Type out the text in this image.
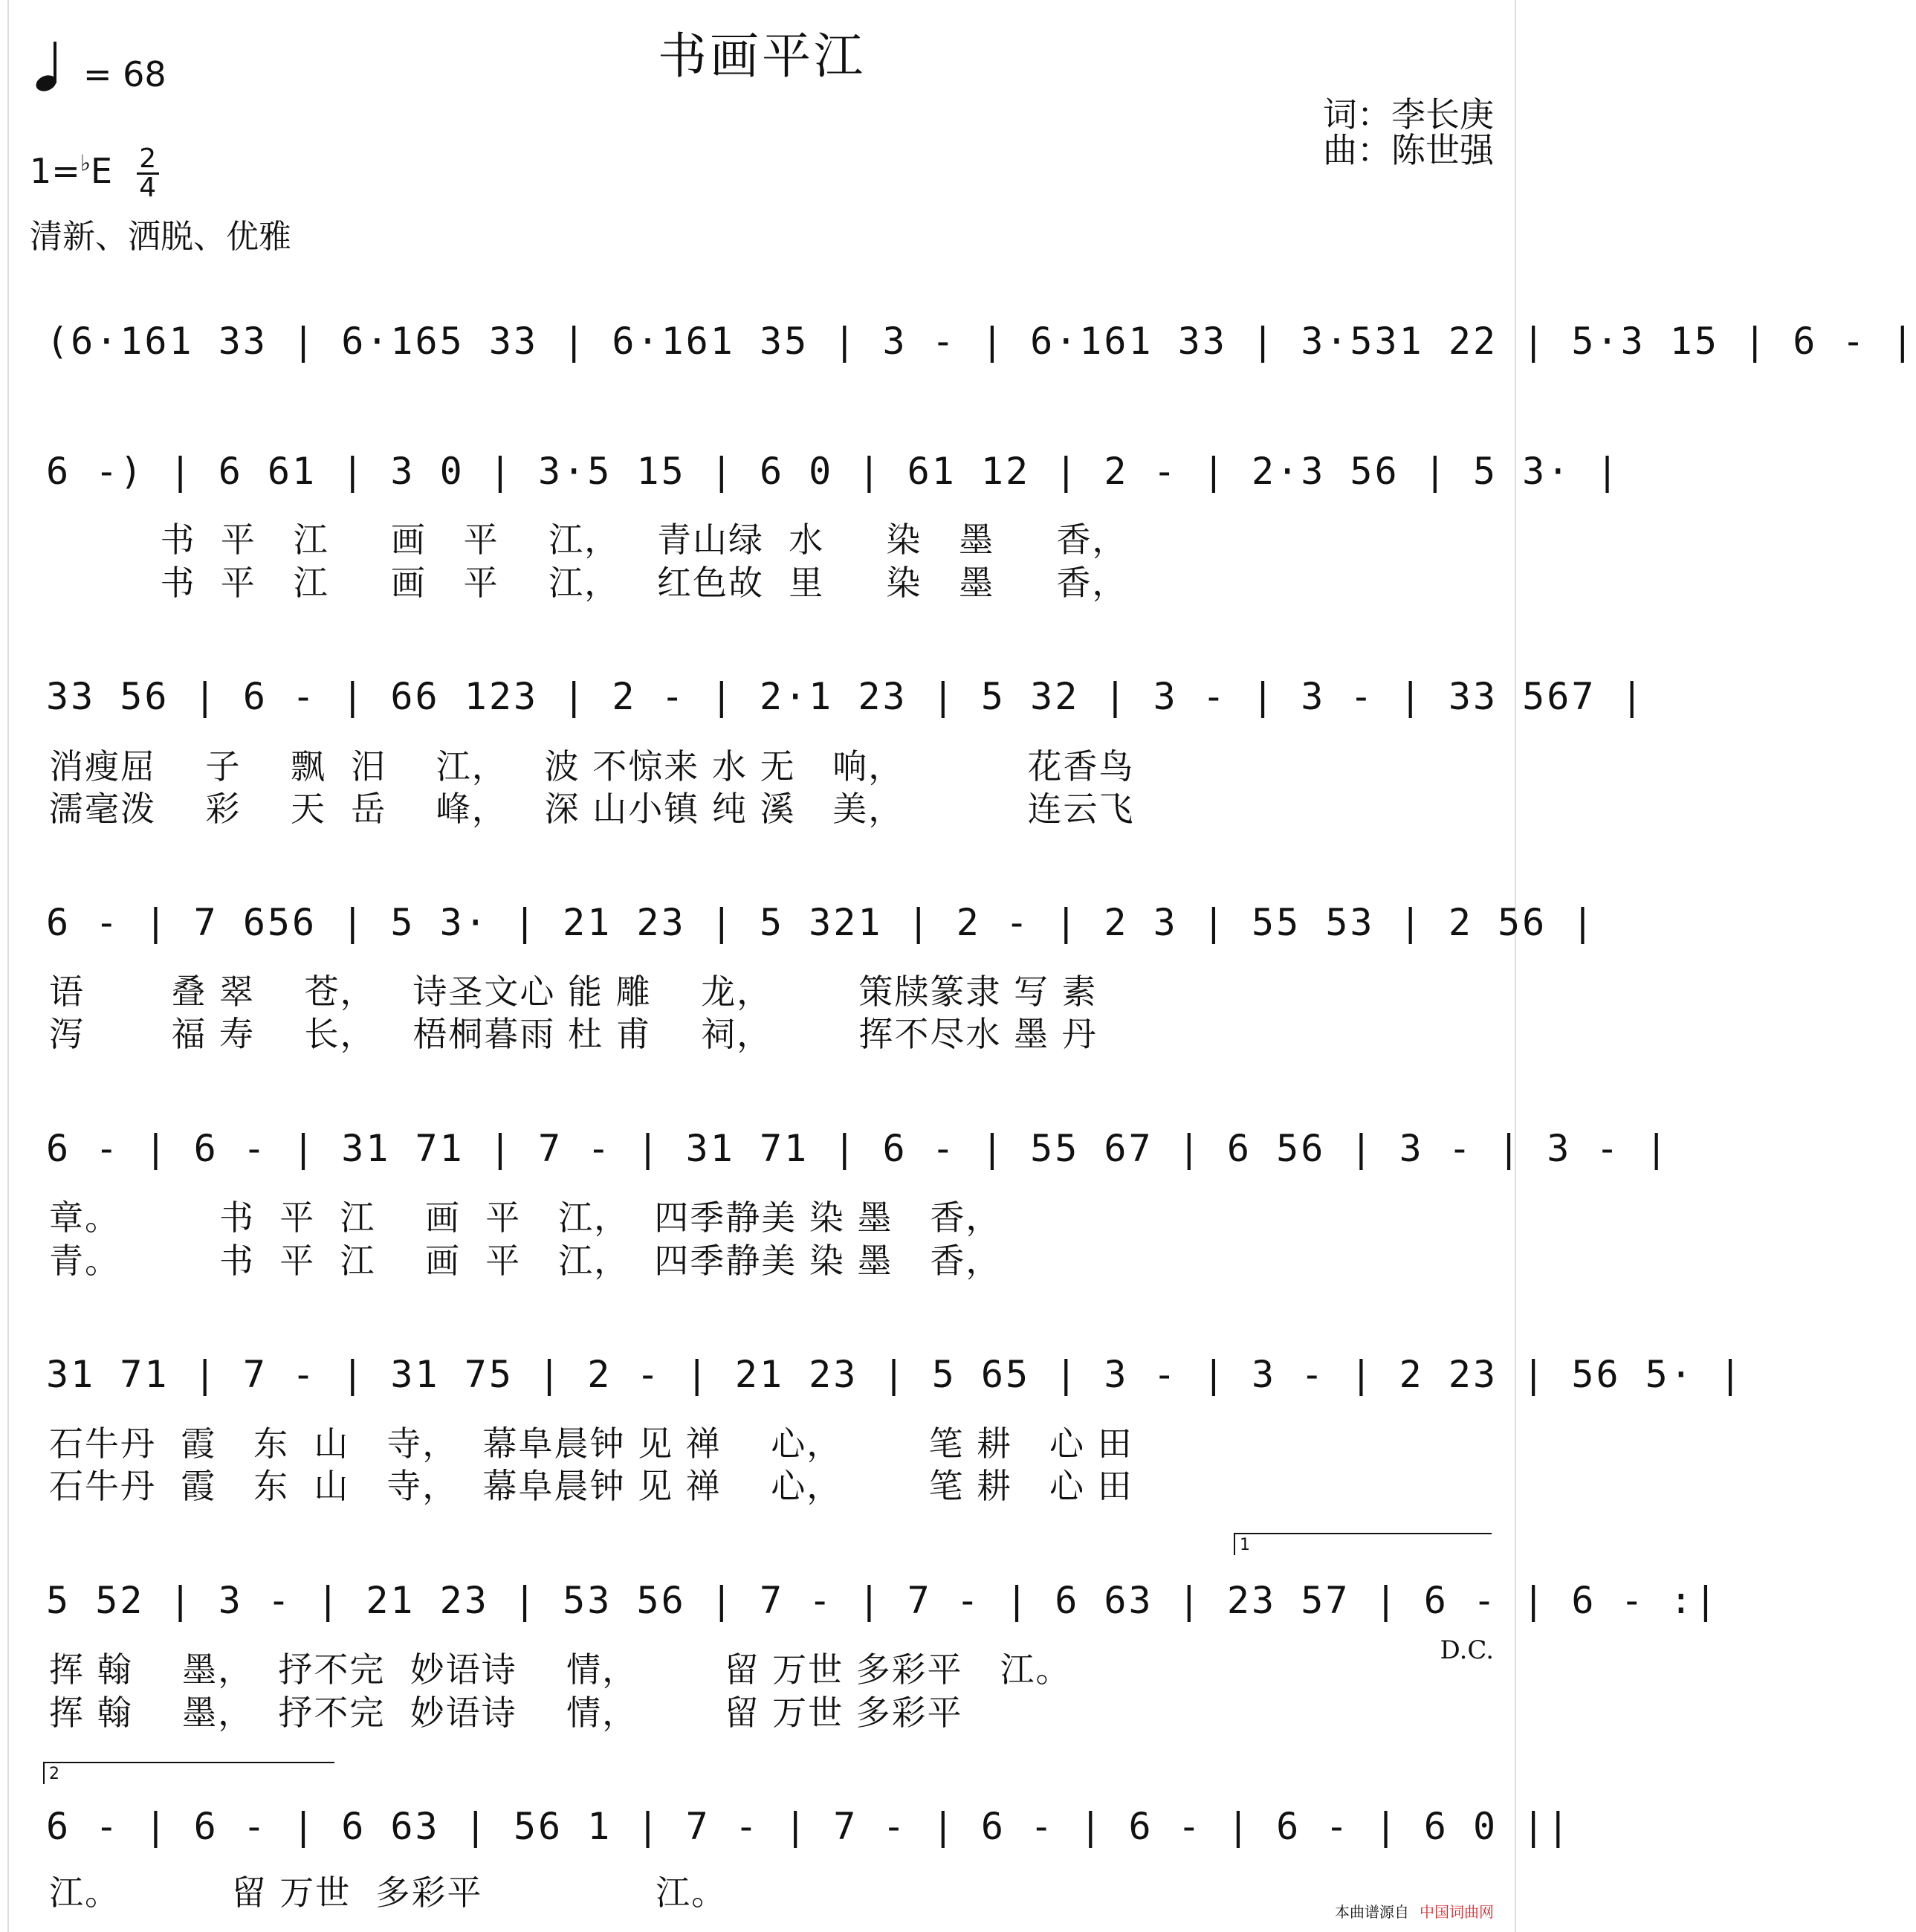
书画平江
= 68
词：李长庚
曲：陈世强
$1=^♭E \frac{2}{4}$
清新、洒脱、优雅
(6·161 33 | 6·165 33 | 6·161 35 | 3 - | 6·161 33 | 3·531 22 | 5·3 15 | 6 - |
6 -) | 6 61 | 3 0 | 3·5 15 | 6 0 | 61 12 | 2 - | 2·3 56 | 5 3· |
书  平   江     画   平    江，   青山绿  水     染   墨     香，
书  平   江     画   平    江，   红色故  里     染   墨     香，
33 56 | 6 - | 66 123 | 2 - | 2·1 23 | 5 32 | 3 - | 3 - | 33 567 |
消瘦屈    子    飘  汨    江，   波 不惊来 水 无   响，          花香鸟
濡毫泼    彩    天  岳    峰，   深 山小镇 纯 溪   美，          连云飞
6 - | 7 656 | 5 3· | 21 23 | 5 321 | 2 - | 2 3 | 55 53 | 2 56 |
语       叠 翠    苍，   诗圣文心 能 雕    龙，       策牍篆隶 写 素
泻       福 寿    长，   梧桐暮雨 杜 甫    祠，       挥不尽水 墨 丹
6 - | 6 - | 31 71 | 7 - | 31 71 | 6 - | 55 67 | 6 56 | 3 - | 3 - |
章。        书  平  江    画  平   江，  四季静美 染 墨   香，
青。        书  平  江    画  平   江，  四季静美 染 墨   香，
31 71 | 7 - | 31 75 | 2 - | 21 23 | 5 65 | 3 - | 3 - | 2 23 | 56 5· |
石牛丹  霞   东  山   寺，  幕阜晨钟 见 禅    心，       笔 耕   心 田
石牛丹  霞   东  山   寺，  幕阜晨钟 见 禅    心，       笔 耕   心 田
1
5 52 | 3 - | 21 23 | 53 56 | 7 - | 7 - | 6 63 | 23 57 | 6 - | 6 - :|
挥 翰    墨，  抒不完  妙语诗    情，       留 万世 多彩平   江。
挥 翰    墨，  抒不完  妙语诗    情，       留 万世 多彩平
D.C.
2
6 - | 6 - | 6 63 | 56 1 | 7 - | 7 - | 6 - | 6 - | 6 - | 6 0 ||
江。         留 万世  多彩平              江。	本曲谱源自 中国词曲网
